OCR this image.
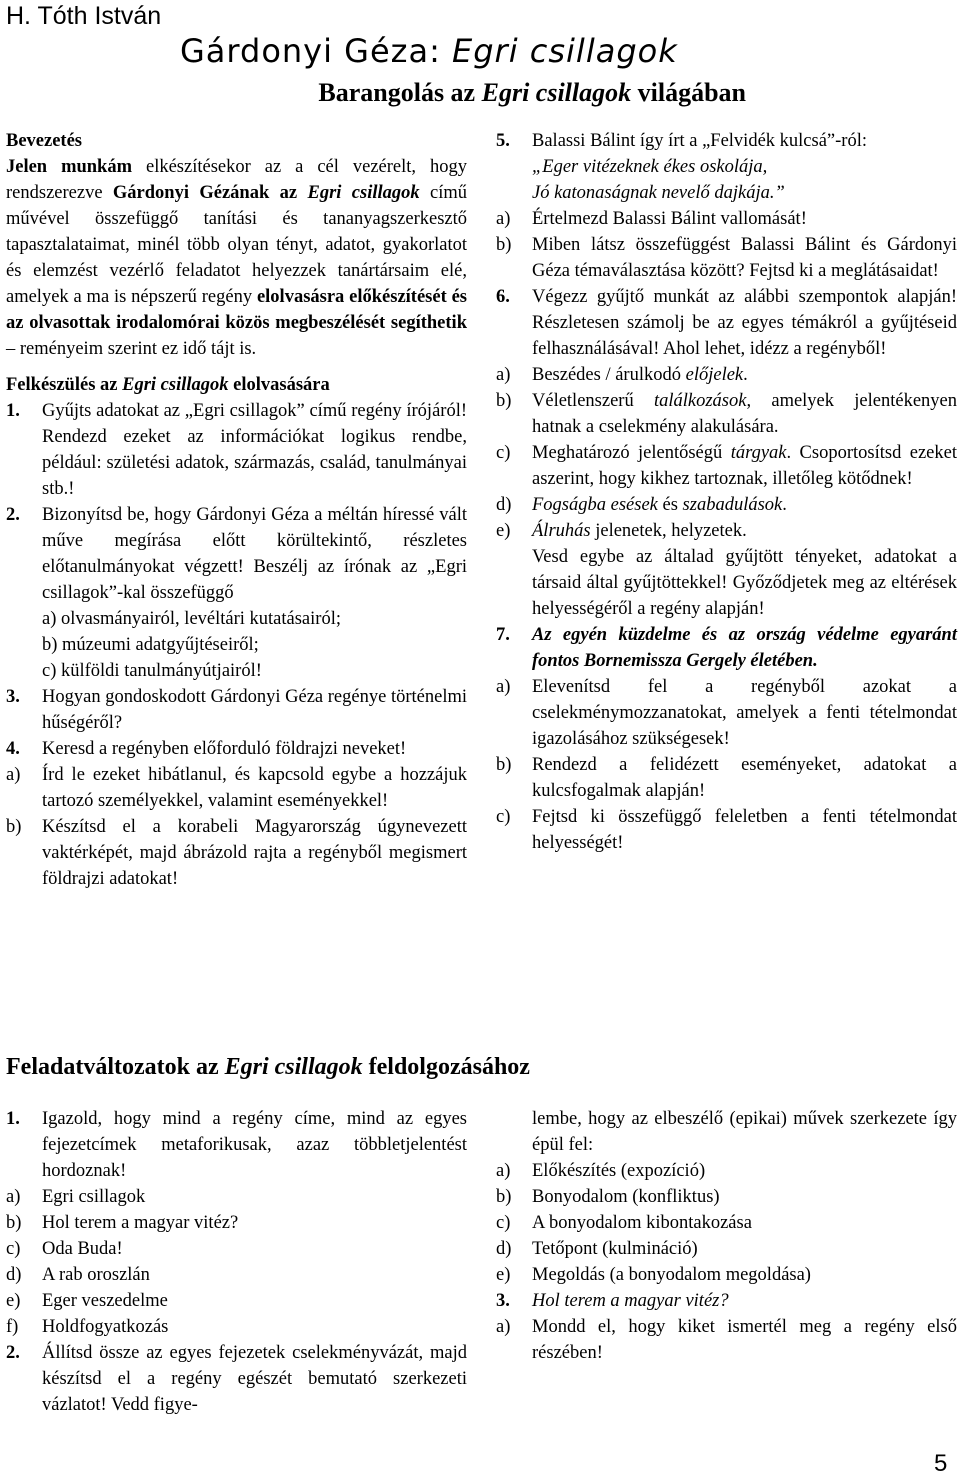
H. Tóth István
Gárdonyi Géza: Egri csillagok
Barangolás az Egri csillagok világában
Bevezetés

Jelen munkám elkészítésekor az a cél vezérelt, hogy rendszerezve Gárdonyi Gézának az Egri csillagok című művével összefüggő tanítási és tananyagszerkesztő tapasztalataimat, minél több olyan tényt, adatot, gyakorlatot és elemzést vezérlő feladatot helyezzek tanártársaim elé, amelyek a ma is népszerű regény elolvasásra előkészítését és az olvasottak irodalomórai közös megbeszélését segíthetik – reményeim szerint ez idő tájt is.

Felkészülés az Egri csillagok elolvasására
1.	Gyűjts adatokat az „Egri csillagok” című regény írójáról! Rendezd ezeket az információkat logikus rendbe, például: születési adatok, származás, család, tanulmányai stb.!
2.	Bizonyítsd be, hogy Gárdonyi Géza a méltán híressé vált műve megírása előtt körültekintő, részletes előtanulmányokat végzett! Beszélj az írónak az „Egri csillagok”-kal összefüggő
a) olvasmányairól, levéltári kutatásairól;
b) múzeumi adatgyűjtéseiről;
c) külföldi tanulmányútjairól!
3.	Hogyan gondoskodott Gárdonyi Géza regénye történelmi hűségéről?
4.	Keresd a regényben előforduló földrajzi neveket!
a)	Írd le ezeket hibátlanul, és kapcsold egybe a hozzájuk tartozó személyekkel, valamint eseményekkel!
b)	Készítsd el a korabeli Magyarország úgynevezett vaktérképét, majd ábrázold rajta a regényből megismert földrajzi adatokat!
5.	Balassi Bálint így írt a „Felvidék kulcsá”-ról:
„Eger vitézeknek ékes oskolája,
Jó katonaságnak nevelő dajkája.”
a)	Értelmezd Balassi Bálint vallomását!
b)	Miben látsz összefüggést Balassi Bálint és Gárdonyi Géza témaválasztása között? Fejtsd ki a meglátásaidat!
6.	Végezz gyűjtő munkát az alábbi szempontok alapján! Részletesen számolj be az egyes témákról a gyűjtéseid felhasználásával! Ahol lehet, idézz a regényből!
a)	Beszédes / árulkodó előjelek.
b)	Véletlenszerű találkozások, amelyek jelentékenyen hatnak a cselekmény alakulására.
c)	Meghatározó jelentőségű tárgyak. Csoportosítsd ezeket aszerint, hogy kikhez tartoznak, illetőleg kötődnek!
d)	Fogságba esések és szabadulások.
e)	Álruhás jelenetek, helyzetek.
Vesd egybe az általad gyűjtött tényeket, adatokat a társaid által gyűjtöttekkel! Győződjetek meg az eltérések helyességéről a regény alapján!
7.	Az egyén küzdelme és az ország védelme egyaránt fontos Bornemissza Gergely életében.
a)	Elevenítsd fel a regényből azokat a cselekménymozzanatokat, amelyek a fenti tételmondat igazolásához szükségesek!
b)	Rendezd a felidézett eseményeket, adatokat a kulcsfogalmak alapján!
c)	Fejtsd ki összefüggő feleletben a fenti tételmondat helyességét!
Feladatváltozatok az Egri csillagok feldolgozásához
1.	Igazold, hogy mind a regény címe, mind az egyes fejezetcímek metaforikusak, azaz többletjelentést hordoznak!
a)	Egri csillagok
b)	Hol terem a magyar vitéz?
c)	Oda Buda!
d)	A rab oroszlán
e)	Eger veszedelme
f)	Holdfogyatkozás
2.	Állítsd össze az egyes fejezetek cselekményvázát, majd készítsd el a regény egészét bemutató szerkezeti vázlatot! Vedd figye-
lembe, hogy az elbeszélő (epikai) művek szerkezete így épül fel:
a)	Előkészítés (expozíció)
b)	Bonyodalom (konfliktus)
c)	A bonyodalom kibontakozása
d)	Tetőpont (kulmináció)
e)	Megoldás (a bonyodalom megoldása)
3.	Hol terem a magyar vitéz?
a)	Mondd el, hogy kiket ismertél meg a regény első részében!
5
